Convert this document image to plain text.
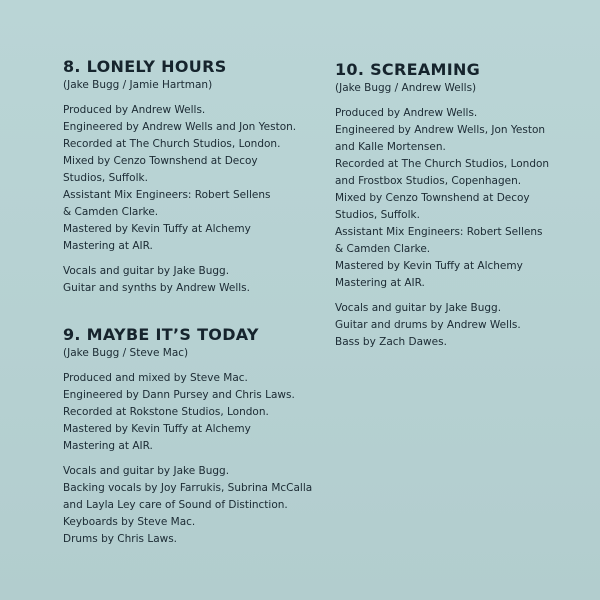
8. LONELY HOURS

(Jake Bugg / Jamie Hartman)

Produced by Andrew Wells.
Engineered by Andrew Wells and Jon Yeston.
Recorded at The Church Studios, London.
Mixed by Cenzo Townshend at Decoy
Studios, Suffolk.
Assistant Mix Engineers: Robert Sellens
& Camden Clarke.
Mastered by Kevin Tuffy at Alchemy
Mastering at AIR.
Vocals and guitar by Jake Bugg.
Guitar and synths by Andrew Wells.
9. MAYBE IT’S TODAY

(Jake Bugg / Steve Mac)

Produced and mixed by Steve Mac.
Engineered by Dann Pursey and Chris Laws.
Recorded at Rokstone Studios, London.
Mastered by Kevin Tuffy at Alchemy
Mastering at AIR.
Vocals and guitar by Jake Bugg.
Backing vocals by Joy Farrukis, Subrina McCalla
and Layla Ley care of Sound of Distinction.
Keyboards by Steve Mac.
Drums by Chris Laws.
10. SCREAMING

(Jake Bugg / Andrew Wells)

Produced by Andrew Wells.
Engineered by Andrew Wells, Jon Yeston
and Kalle Mortensen.
Recorded at The Church Studios, London
and Frostbox Studios, Copenhagen.
Mixed by Cenzo Townshend at Decoy
Studios, Suffolk.
Assistant Mix Engineers: Robert Sellens
& Camden Clarke.
Mastered by Kevin Tuffy at Alchemy
Mastering at AIR.
Vocals and guitar by Jake Bugg.
Guitar and drums by Andrew Wells.
Bass by Zach Dawes.
